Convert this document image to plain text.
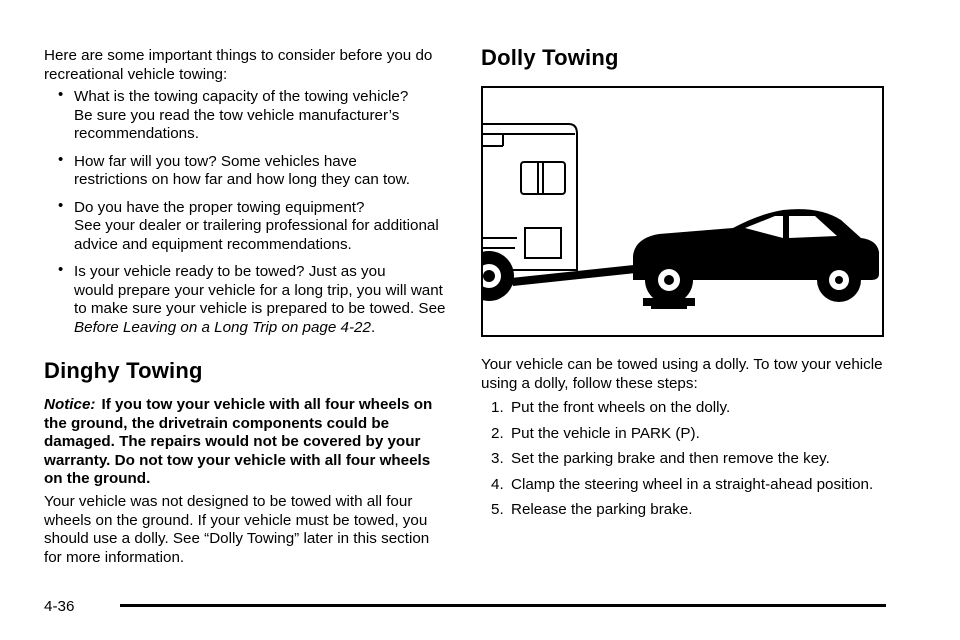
Here are some important things to consider before you do recreational vehicle towing:

• What is the towing capacity of the towing vehicle?
Be sure you read the tow vehicle manufacturer’s recommendations.
• How far will you tow? Some vehicles have
restrictions on how far and how long they can tow.
• Do you have the proper towing equipment?
See your dealer or trailering professional for additional advice and equipment recommendations.
• Is your vehicle ready to be towed? Just as you
would prepare your vehicle for a long trip, you will want to make sure your vehicle is prepared to be towed. See Before Leaving on a Long Trip on page 4-22.
Dinghy Towing

Notice: If you tow your vehicle with all four wheels on the ground, the drivetrain components could be damaged. The repairs would not be covered by your warranty. Do not tow your vehicle with all four wheels on the ground.

Your vehicle was not designed to be towed with all four wheels on the ground. If your vehicle must be towed, you should use a dolly. See “Dolly Towing” later in this section for more information.

Dolly Towing

Your vehicle can be towed using a dolly. To tow your vehicle using a dolly, follow these steps:

1. Put the front wheels on the dolly.
2. Put the vehicle in PARK (P).
3. Set the parking brake and then remove the key.
4. Clamp the steering wheel in a straight-ahead position.
5. Release the parking brake.
4-36
